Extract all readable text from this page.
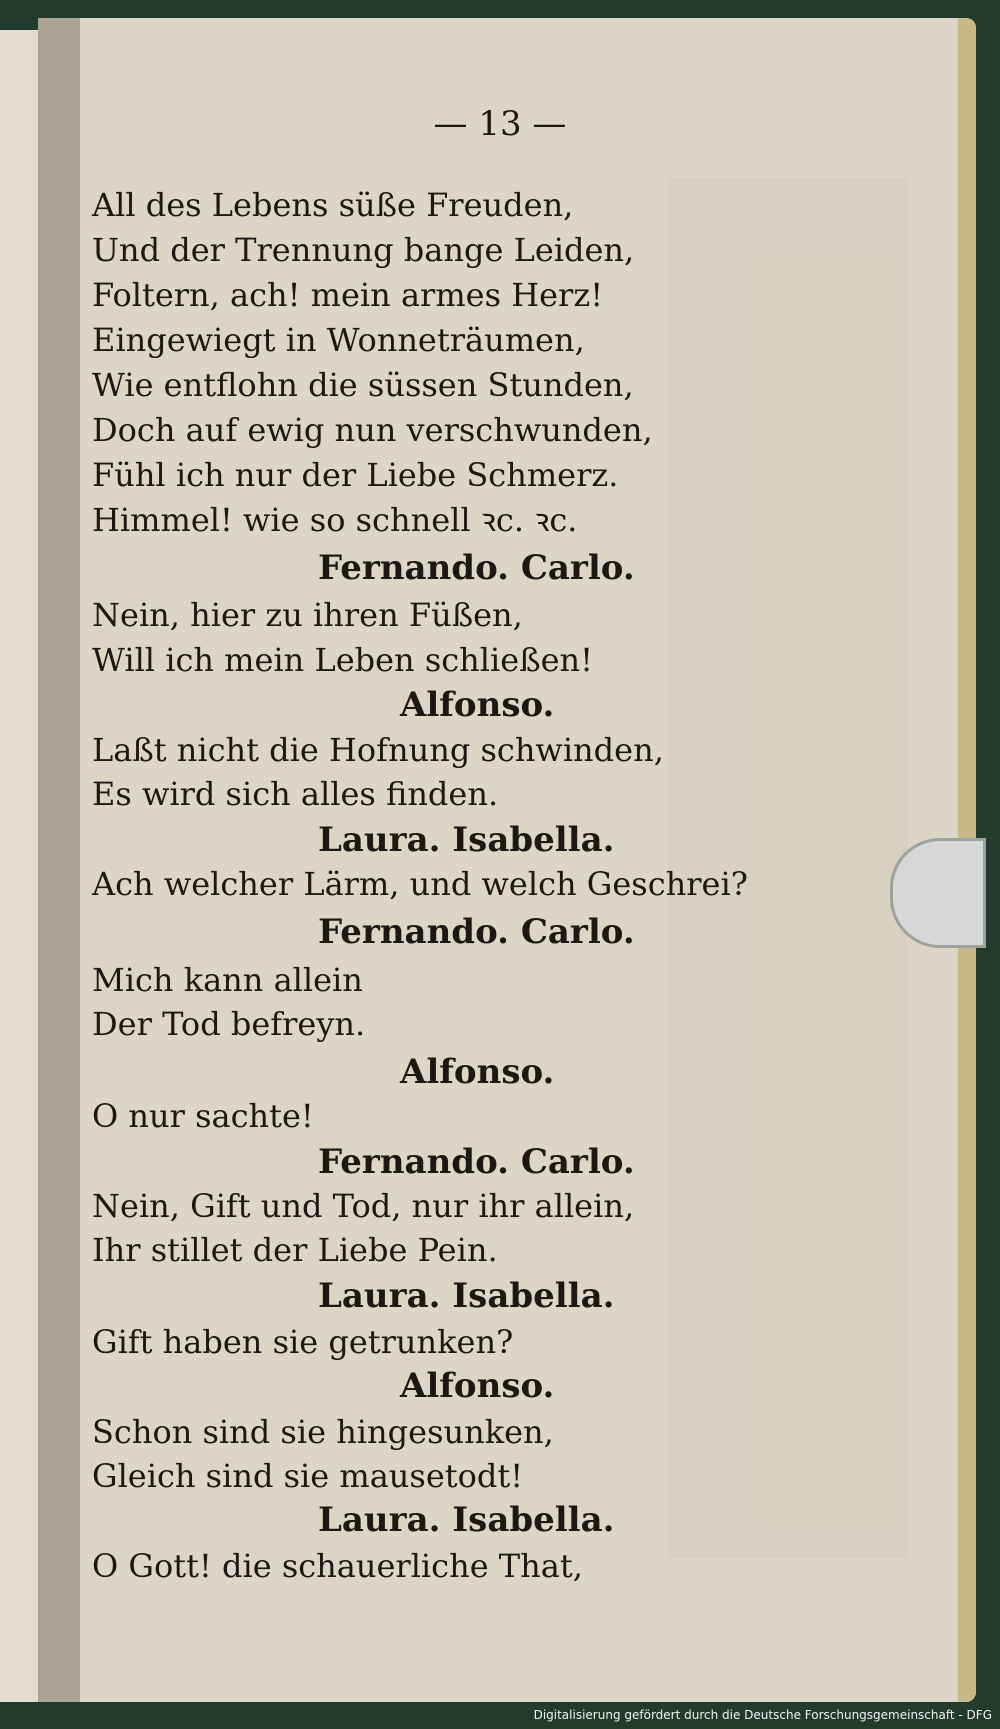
— 13 —

All des Lebens süße Freuden,

Und der Trennung bange Leiden,

Foltern, ach! mein armes Herz!

Eingewiegt in Wonneträumen,

Wie entflohn die süssen Stunden,

Doch auf ewig nun verschwunden,

Fühl ich nur der Liebe Schmerz.

Himmel! wie so schnell ꝛc. ꝛc.

Fernando. Carlo.

Nein, hier zu ihren Füßen,

Will ich mein Leben schließen!

Alfonso.

Laßt nicht die Hofnung schwinden,

Es wird sich alles finden.

Laura. Isabella.

Ach welcher Lärm, und welch Geschrei?

Fernando. Carlo.

Mich kann allein

Der Tod befreyn.

Alfonso.

O nur sachte!

Fernando. Carlo.

Nein, Gift und Tod, nur ihr allein,

Ihr stillet der Liebe Pein.

Laura. Isabella.

Gift haben sie getrunken?

Alfonso.

Schon sind sie hingesunken,

Gleich sind sie mausetodt!

Laura. Isabella.

O Gott! die schauerliche That,

Digitalisierung gefördert durch die Deutsche Forschungsgemeinschaft - DFG
